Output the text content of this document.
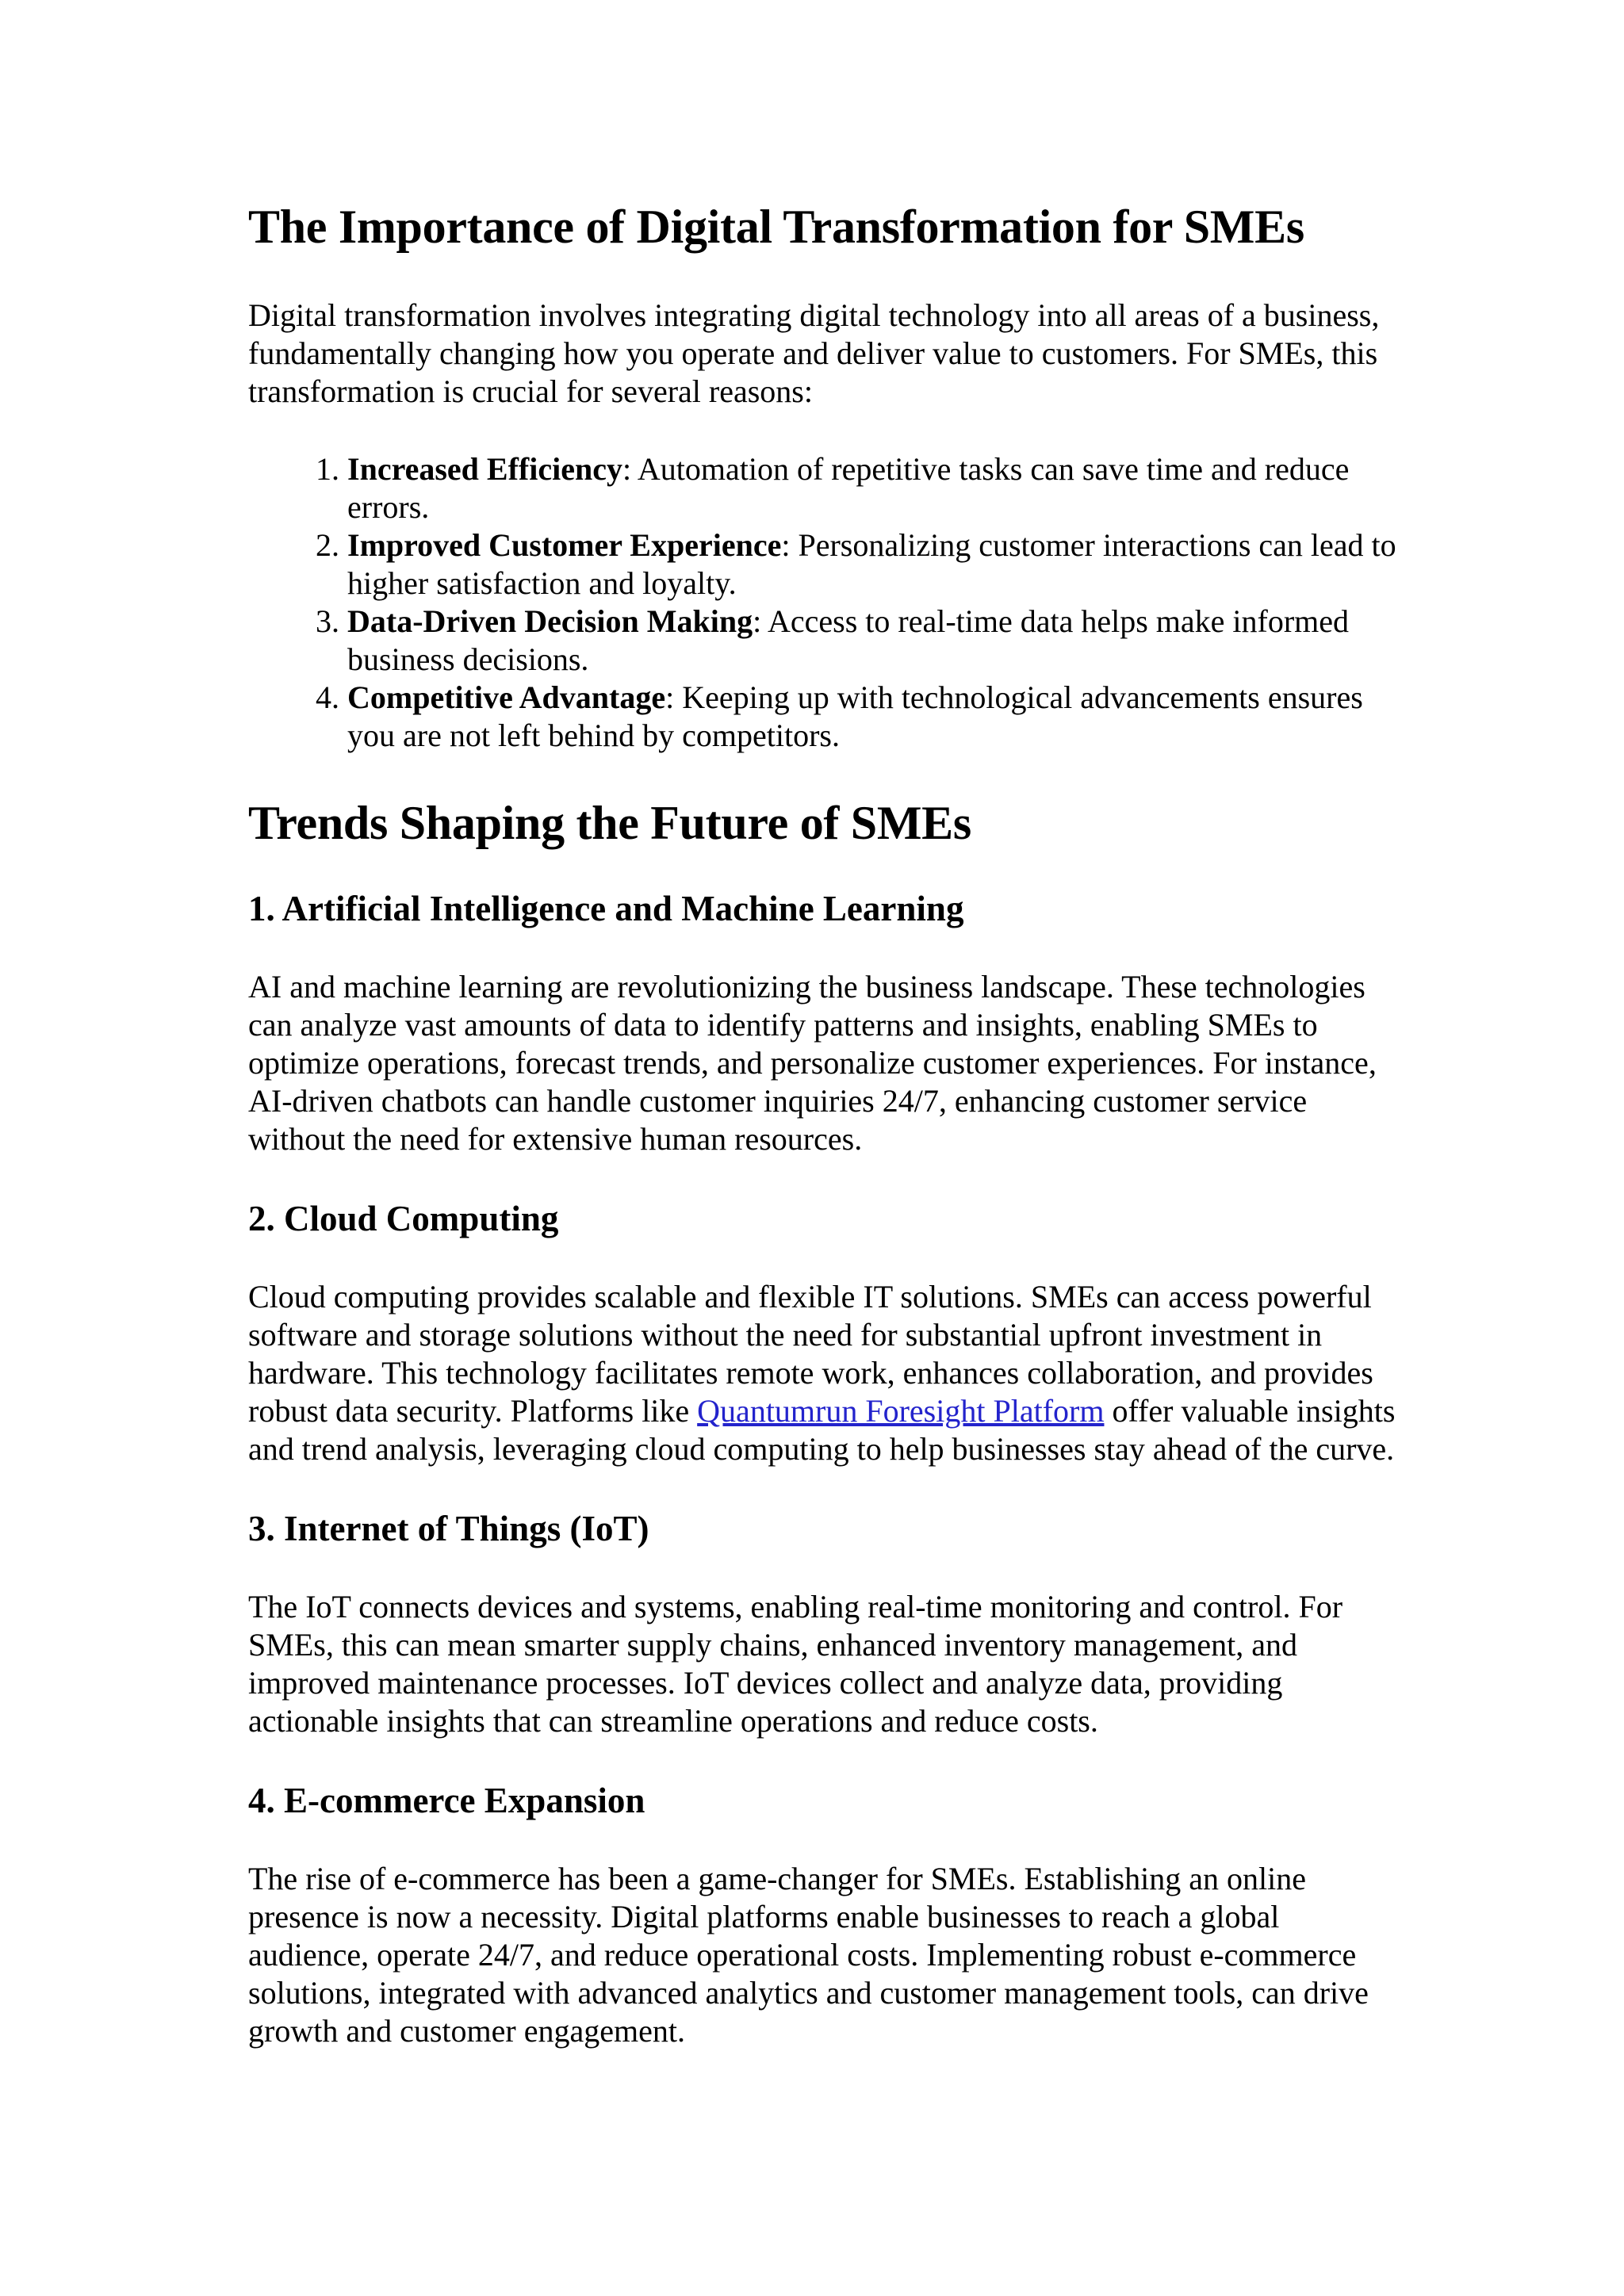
The Importance of Digital Transformation for SMEs

Digital transformation involves integrating digital technology into all areas of a business, fundamentally changing how you operate and deliver value to customers. For SMEs, this transformation is crucial for several reasons:

1. Increased Efficiency: Automation of repetitive tasks can save time and reduce errors.
2. Improved Customer Experience: Personalizing customer interactions can lead to higher satisfaction and loyalty.
3. Data-Driven Decision Making: Access to real-time data helps make informed business decisions.
4. Competitive Advantage: Keeping up with technological advancements ensures you are not left behind by competitors.
Trends Shaping the Future of SMEs
1. Artificial Intelligence and Machine Learning

AI and machine learning are revolutionizing the business landscape. These technologies can analyze vast amounts of data to identify patterns and insights, enabling SMEs to optimize operations, forecast trends, and personalize customer experiences. For instance, AI-driven chatbots can handle customer inquiries 24/7, enhancing customer service without the need for extensive human resources.

2. Cloud Computing

Cloud computing provides scalable and flexible IT solutions. SMEs can access powerful software and storage solutions without the need for substantial upfront investment in hardware. This technology facilitates remote work, enhances collaboration, and provides robust data security. Platforms like Quantumrun Foresight Platform offer valuable insights and trend analysis, leveraging cloud computing to help businesses stay ahead of the curve.

3. Internet of Things (IoT)

The IoT connects devices and systems, enabling real-time monitoring and control. For SMEs, this can mean smarter supply chains, enhanced inventory management, and improved maintenance processes. IoT devices collect and analyze data, providing actionable insights that can streamline operations and reduce costs.

4. E-commerce Expansion

The rise of e-commerce has been a game-changer for SMEs. Establishing an online presence is now a necessity. Digital platforms enable businesses to reach a global audience, operate 24/7, and reduce operational costs. Implementing robust e-commerce solutions, integrated with advanced analytics and customer management tools, can drive growth and customer engagement.
